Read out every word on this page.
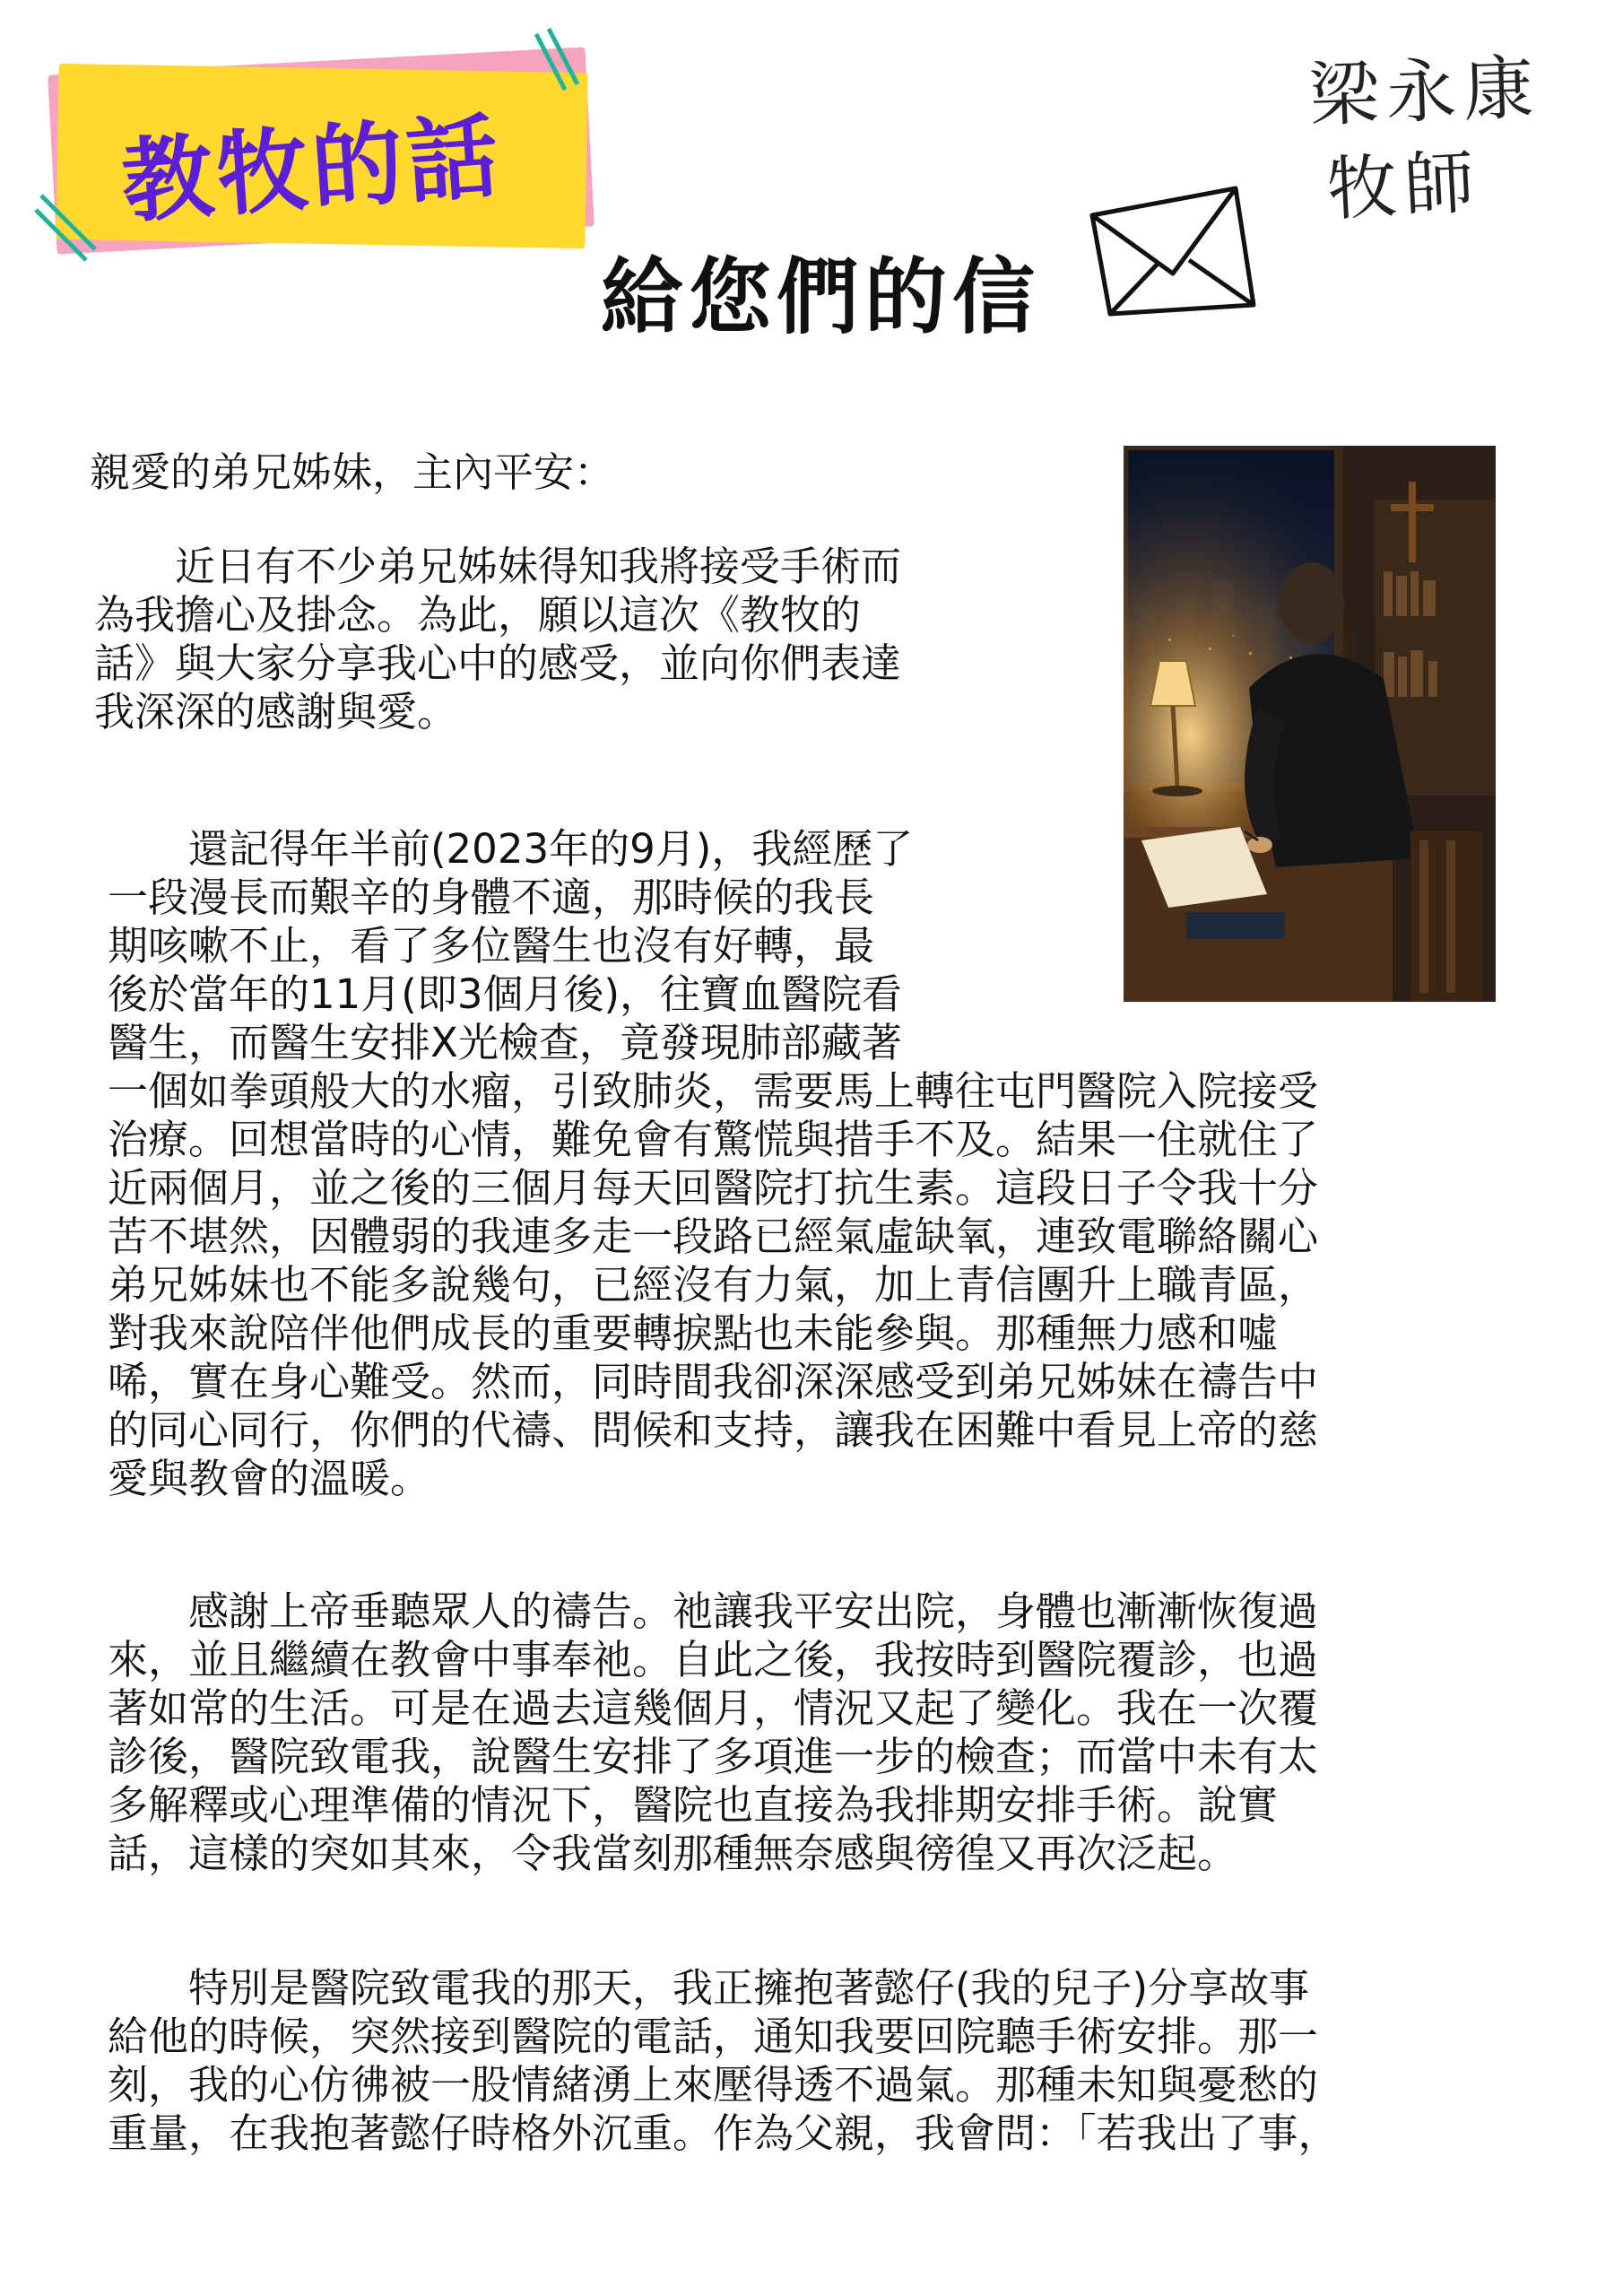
教牧的話
給您們的信
梁永康
牧師

親愛的弟兄姊妹，主內平安：

　　近日有不少弟兄姊妹得知我將接受手術而
為我擔心及掛念。為此，願以這次《教牧的
話》與大家分享我心中的感受，並向你們表達
我深深的感謝與愛。

　　還記得年半前(2023年的9月)，我經歷了
一段漫長而艱辛的身體不適，那時候的我長
期咳嗽不止，看了多位醫生也沒有好轉，最
後於當年的11月(即3個月後)，往寶血醫院看
醫生，而醫生安排X光檢查，竟發現肺部藏著

一個如拳頭般大的水瘤，引致肺炎，需要馬上轉往屯門醫院入院接受
治療。回想當時的心情，難免會有驚慌與措手不及。結果一住就住了
近兩個月，並之後的三個月每天回醫院打抗生素。這段日子令我十分
苦不堪然，因體弱的我連多走一段路已經氣虛缺氧，連致電聯絡關心
弟兄姊妹也不能多說幾句，已經沒有力氣，加上青信團升上職青區，
對我來說陪伴他們成長的重要轉捩點也未能參與。那種無力感和噓
唏，實在身心難受。然而，同時間我卻深深感受到弟兄姊妹在禱告中
的同心同行，你們的代禱、問候和支持，讓我在困難中看見上帝的慈
愛與教會的溫暖。

　　感謝上帝垂聽眾人的禱告。祂讓我平安出院，身體也漸漸恢復過
來，並且繼續在教會中事奉祂。自此之後，我按時到醫院覆診，也過
著如常的生活。可是在過去這幾個月，情況又起了變化。我在一次覆
診後，醫院致電我，說醫生安排了多項進一步的檢查；而當中未有太
多解釋或心理準備的情況下，醫院也直接為我排期安排手術。說實
話，這樣的突如其來，令我當刻那種無奈感與徬徨又再次泛起。

　　特別是醫院致電我的那天，我正擁抱著懿仔(我的兒子)分享故事
給他的時候，突然接到醫院的電話，通知我要回院聽手術安排。那一
刻，我的心仿彿被一股情緒湧上來壓得透不過氣。那種未知與憂愁的
重量，在我抱著懿仔時格外沉重。作為父親，我會問：「若我出了事，
